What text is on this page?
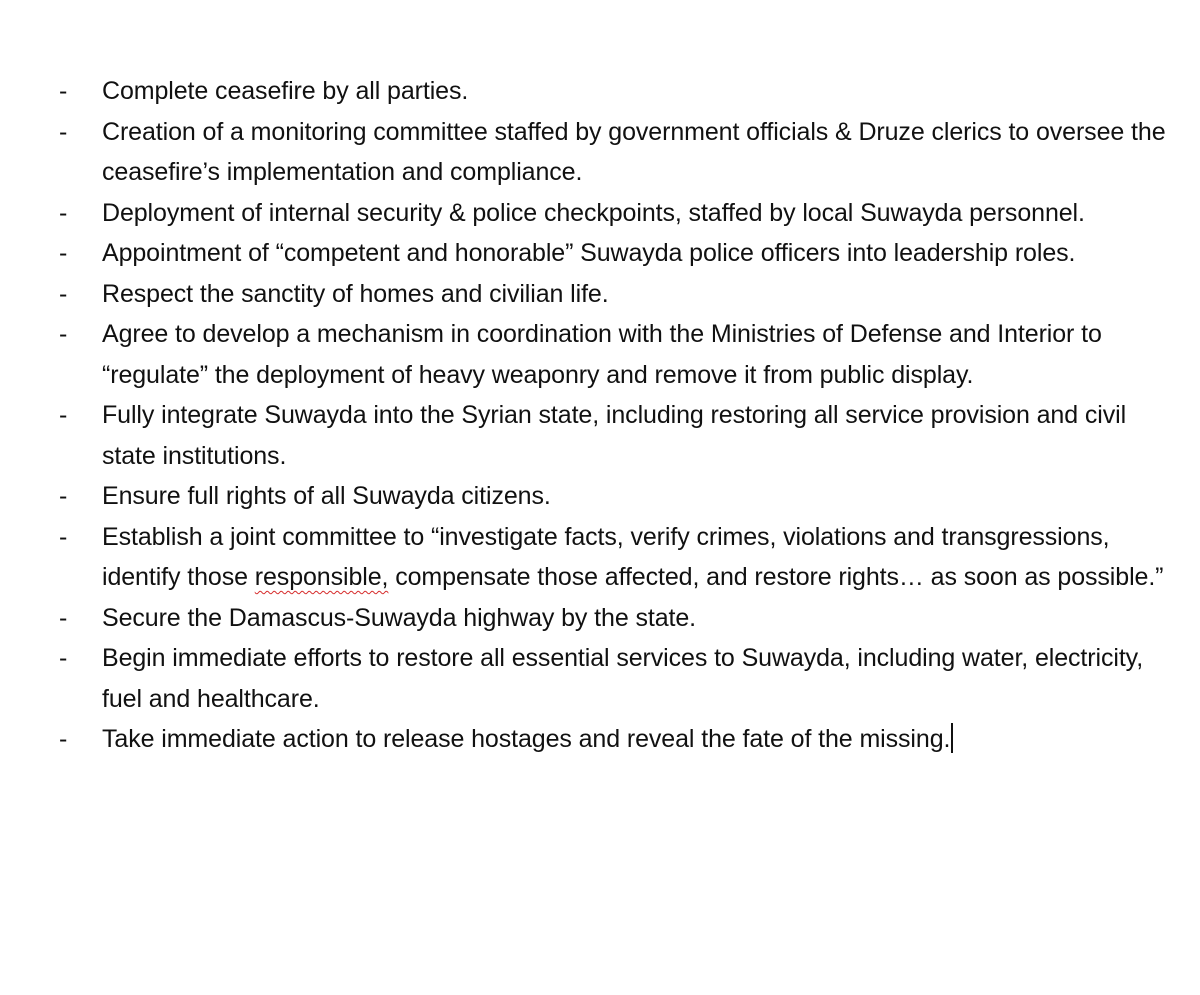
-	Complete ceasefire by all parties.
-	Creation of a monitoring committee staffed by government officials & Druze clerics to oversee the ceasefire’s implementation and compliance.
-	Deployment of internal security & police checkpoints, staffed by local Suwayda personnel.
-	Appointment of “competent and honorable” Suwayda police officers into leadership roles.
-	Respect the sanctity of homes and civilian life.
-	Agree to develop a mechanism in coordination with the Ministries of Defense and Interior to “regulate” the deployment of heavy weaponry and remove it from public display.
-	Fully integrate Suwayda into the Syrian state, including restoring all service provision and civil state institutions.
-	Ensure full rights of all Suwayda citizens.
-	Establish a joint committee to “investigate facts, verify crimes, violations and transgressions, identify those responsible, compensate those affected, and restore rights… as soon as possible.”
-	Secure the Damascus-Suwayda highway by the state.
-	Begin immediate efforts to restore all essential services to Suwayda, including water, electricity, fuel and healthcare.
-	Take immediate action to release hostages and reveal the fate of the missing.
